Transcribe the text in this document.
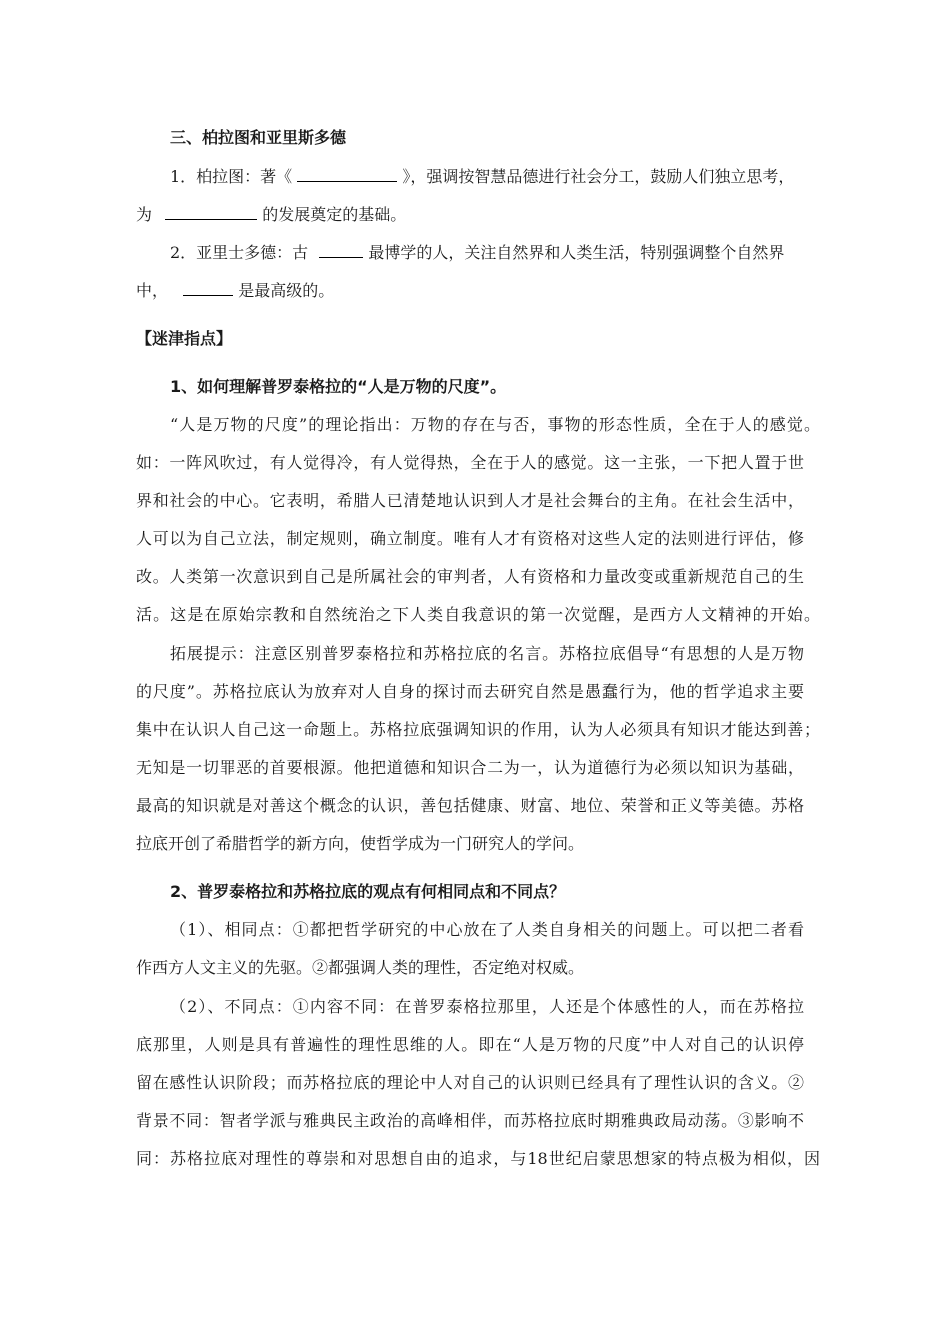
三、柏拉图和亚里斯多德
1．柏拉图：著《	》，强调按智慧品德进行社会分工，鼓励人们独立思考，
为	的发展奠定的基础。
2．亚里士多德：古	最博学的人，关注自然界和人类生活，特别强调整个自然界
中，	是最高级的。
【迷津指点】
1、如何理解普罗泰格拉的“人是万物的尺度”。
“人是万物的尺度”的理论指出：万物的存在与否，事物的形态性质，全在于人的感觉。
如：一阵风吹过，有人觉得冷，有人觉得热，全在于人的感觉。这一主张，一下把人置于世
界和社会的中心。它表明，希腊人已清楚地认识到人才是社会舞台的主角。在社会生活中，
人可以为自己立法，制定规则，确立制度。唯有人才有资格对这些人定的法则进行评估，修
改。人类第一次意识到自己是所属社会的审判者，人有资格和力量改变或重新规范自己的生
活。这是在原始宗教和自然统治之下人类自我意识的第一次觉醒，是西方人文精神的开始。
拓展提示：注意区别普罗泰格拉和苏格拉底的名言。苏格拉底倡导“有思想的人是万物
的尺度”。苏格拉底认为放弃对人自身的探讨而去研究自然是愚蠢行为，他的哲学追求主要
集中在认识人自己这一命题上。苏格拉底强调知识的作用，认为人必须具有知识才能达到善；
无知是一切罪恶的首要根源。他把道德和知识合二为一，认为道德行为必须以知识为基础，
最高的知识就是对善这个概念的认识，善包括健康、财富、地位、荣誉和正义等美德。苏格
拉底开创了希腊哲学的新方向，使哲学成为一门研究人的学问。
2、普罗泰格拉和苏格拉底的观点有何相同点和不同点？
（1）、相同点：①都把哲学研究的中心放在了人类自身相关的问题上。可以把二者看
作西方人文主义的先驱。②都强调人类的理性，否定绝对权威。
（2）、不同点：①内容不同：在普罗泰格拉那里，人还是个体感性的人，而在苏格拉
底那里，人则是具有普遍性的理性思维的人。即在“人是万物的尺度”中人对自己的认识停
留在感性认识阶段；而苏格拉底的理论中人对自己的认识则已经具有了理性认识的含义。②
背景不同：智者学派与雅典民主政治的高峰相伴，而苏格拉底时期雅典政局动荡。③影响不
同：苏格拉底对理性的尊崇和对思想自由的追求，与18世纪启蒙思想家的特点极为相似，因
